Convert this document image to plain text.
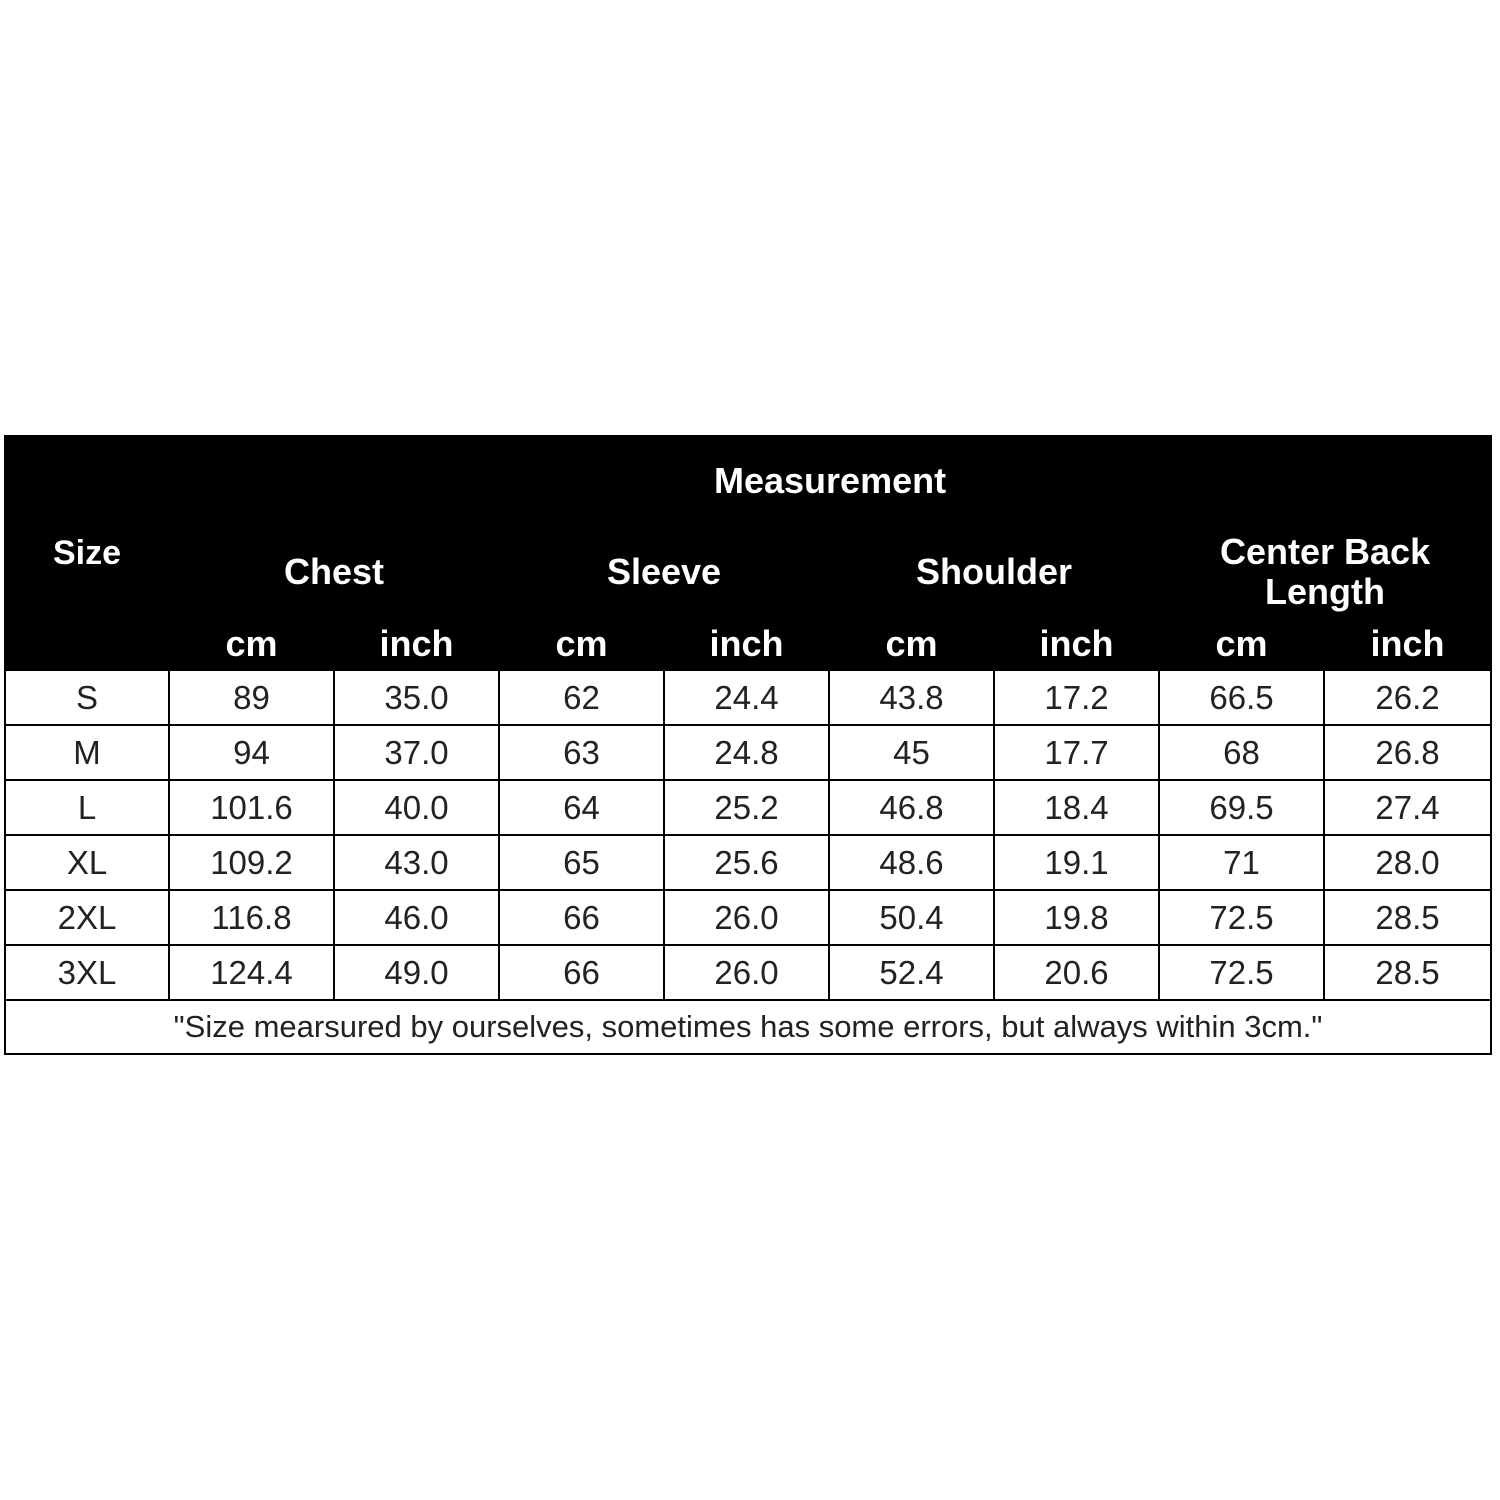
Size	Measurement							
	Chest		Sleeve		Shoulder		Center Back Length	
	cm	inch	cm	inch	cm	inch	cm	inch
S	89	35.0	62	24.4	43.8	17.2	66.5	26.2
M	94	37.0	63	24.8	45	17.7	68	26.8
L	101.6	40.0	64	25.2	46.8	18.4	69.5	27.4
XL	109.2	43.0	65	25.6	48.6	19.1	71	28.0
2XL	116.8	46.0	66	26.0	50.4	19.8	72.5	28.5
3XL	124.4	49.0	66	26.0	52.4	20.6	72.5	28.5
"Size mearsured by ourselves, sometimes has some errors, but always within 3cm."								
